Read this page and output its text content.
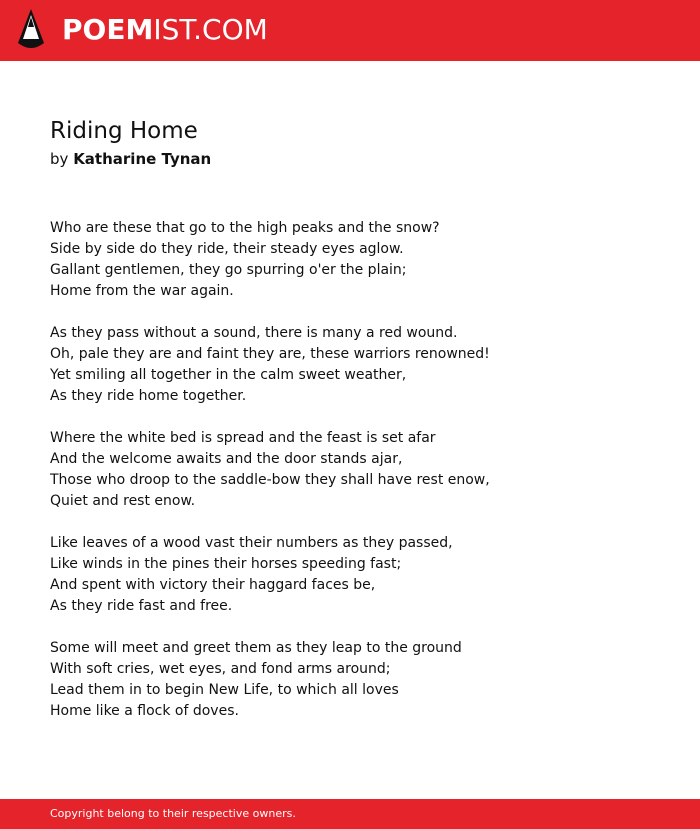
POEMIST.COM
Riding Home
by Katharine Tynan
Who are these that go to the high peaks and the snow?
Side by side do they ride, their steady eyes aglow.
Gallant gentlemen, they go spurring o'er the plain;
Home from the war again.
As they pass without a sound, there is many a red wound.
Oh, pale they are and faint they are, these warriors renowned!
Yet smiling all together in the calm sweet weather,
As they ride home together.
Where the white bed is spread and the feast is set afar
And the welcome awaits and the door stands ajar,
Those who droop to the saddle-bow they shall have rest enow,
Quiet and rest enow.
Like leaves of a wood vast their numbers as they passed,
Like winds in the pines their horses speeding fast;
And spent with victory their haggard faces be,
As they ride fast and free.
Some will meet and greet them as they leap to the ground
With soft cries, wet eyes, and fond arms around;
Lead them in to begin New Life, to which all loves
Home like a flock of doves.
Copyright belong to their respective owners.
